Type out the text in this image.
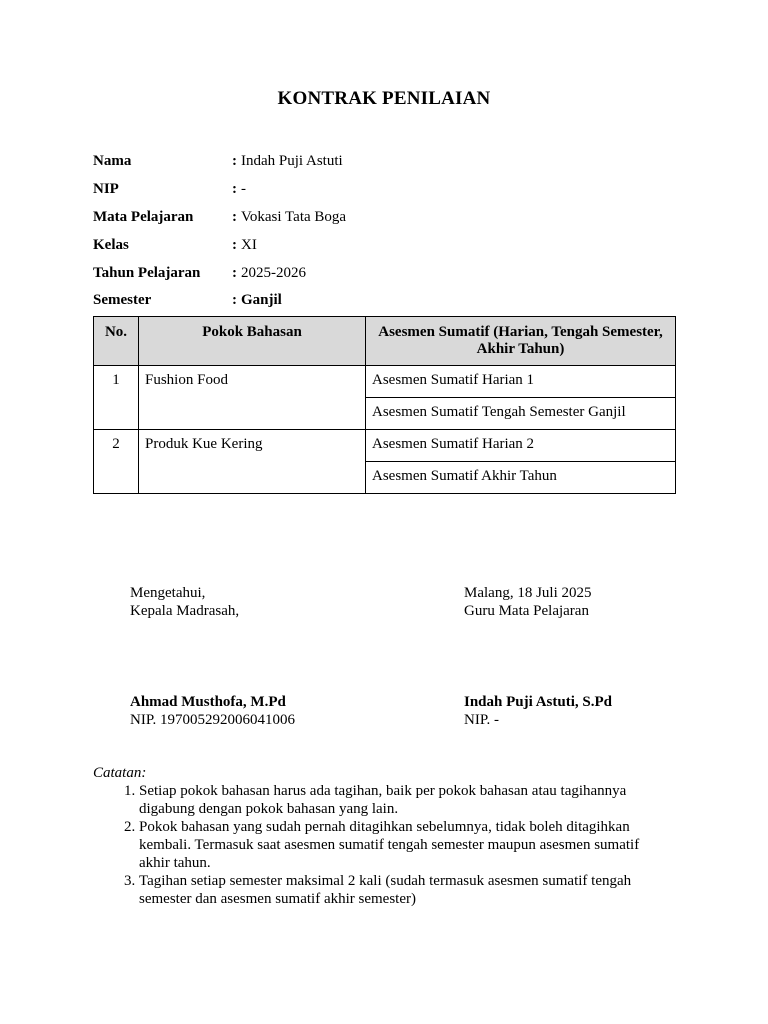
KONTRAK PENILAIAN
Nama	: Indah Puji Astuti
NIP	: -
Mata Pelajaran	: Vokasi Tata Boga
Kelas	: XI
Tahun Pelajaran	: 2025-2026
Semester	: Ganjil
No.	Pokok Bahasan	Asesmen Sumatif (Harian, Tengah Semester, Akhir Tahun)
1	Fushion Food	Asesmen Sumatif Harian 1
		Asesmen Sumatif Tengah Semester Ganjil
2	Produk Kue Kering	Asesmen Sumatif Harian 2
		Asesmen Sumatif Akhir Tahun
Mengetahui,
Kepala Madrasah,
Malang, 18 Juli 2025
Guru Mata Pelajaran
Ahmad Musthofa, M.Pd
NIP. 197005292006041006
Indah Puji Astuti, S.Pd
NIP. -
Catatan:
1. Setiap pokok bahasan harus ada tagihan, baik per pokok bahasan atau tagihannya digabung dengan pokok bahasan yang lain.
2. Pokok bahasan yang sudah pernah ditagihkan sebelumnya, tidak boleh ditagihkan kembali. Termasuk saat asesmen sumatif tengah semester maupun asesmen sumatif akhir tahun.
3. Tagihan setiap semester maksimal 2 kali (sudah termasuk asesmen sumatif tengah semester dan asesmen sumatif akhir semester)
